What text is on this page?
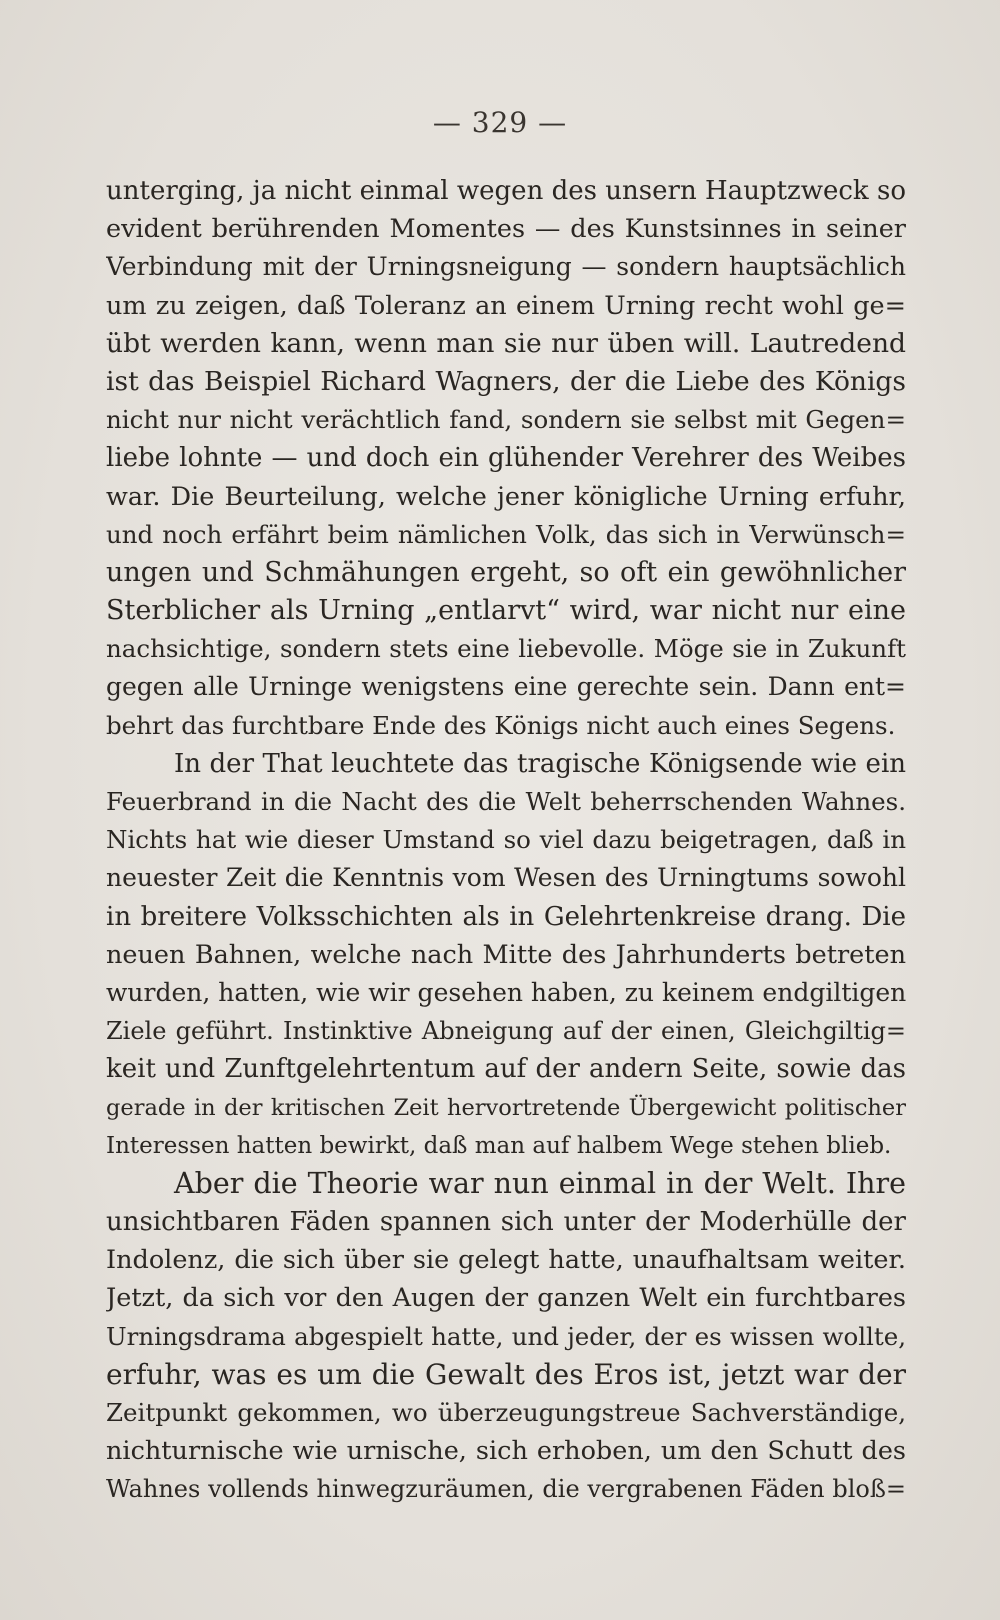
— 329 —
unterging, ja nicht einmal wegen des unsern Hauptzweck so
evident berührenden Momentes — des Kunstsinnes in seiner
Verbindung mit der Urningsneigung — sondern hauptsächlich
um zu zeigen, daß Toleranz an einem Urning recht wohl ge=
übt werden kann, wenn man sie nur üben will. Lautredend
ist das Beispiel Richard Wagners, der die Liebe des Königs
nicht nur nicht verächtlich fand, sondern sie selbst mit Gegen=
liebe lohnte — und doch ein glühender Verehrer des Weibes
war. Die Beurteilung, welche jener königliche Urning erfuhr,
und noch erfährt beim nämlichen Volk, das sich in Verwünsch=
ungen und Schmähungen ergeht, so oft ein gewöhnlicher
Sterblicher als Urning „entlarvt“ wird, war nicht nur eine
nachsichtige, sondern stets eine liebevolle. Möge sie in Zukunft
gegen alle Urninge wenigstens eine gerechte sein. Dann ent=
behrt das furchtbare Ende des Königs nicht auch eines Segens.
In der That leuchtete das tragische Königsende wie ein
Feuerbrand in die Nacht des die Welt beherrschenden Wahnes.
Nichts hat wie dieser Umstand so viel dazu beigetragen, daß in
neuester Zeit die Kenntnis vom Wesen des Urningtums sowohl
in breitere Volksschichten als in Gelehrtenkreise drang. Die
neuen Bahnen, welche nach Mitte des Jahrhunderts betreten
wurden, hatten, wie wir gesehen haben, zu keinem endgiltigen
Ziele geführt. Instinktive Abneigung auf der einen, Gleichgiltig=
keit und Zunftgelehrtentum auf der andern Seite, sowie das
gerade in der kritischen Zeit hervortretende Übergewicht politischer
Interessen hatten bewirkt, daß man auf halbem Wege stehen blieb.
Aber die Theorie war nun einmal in der Welt. Ihre
unsichtbaren Fäden spannen sich unter der Moderhülle der
Indolenz, die sich über sie gelegt hatte, unaufhaltsam weiter.
Jetzt, da sich vor den Augen der ganzen Welt ein furchtbares
Urningsdrama abgespielt hatte, und jeder, der es wissen wollte,
erfuhr, was es um die Gewalt des Eros ist, jetzt war der
Zeitpunkt gekommen, wo überzeugungstreue Sachverständige,
nichturnische wie urnische, sich erhoben, um den Schutt des
Wahnes vollends hinwegzuräumen, die vergrabenen Fäden bloß=
